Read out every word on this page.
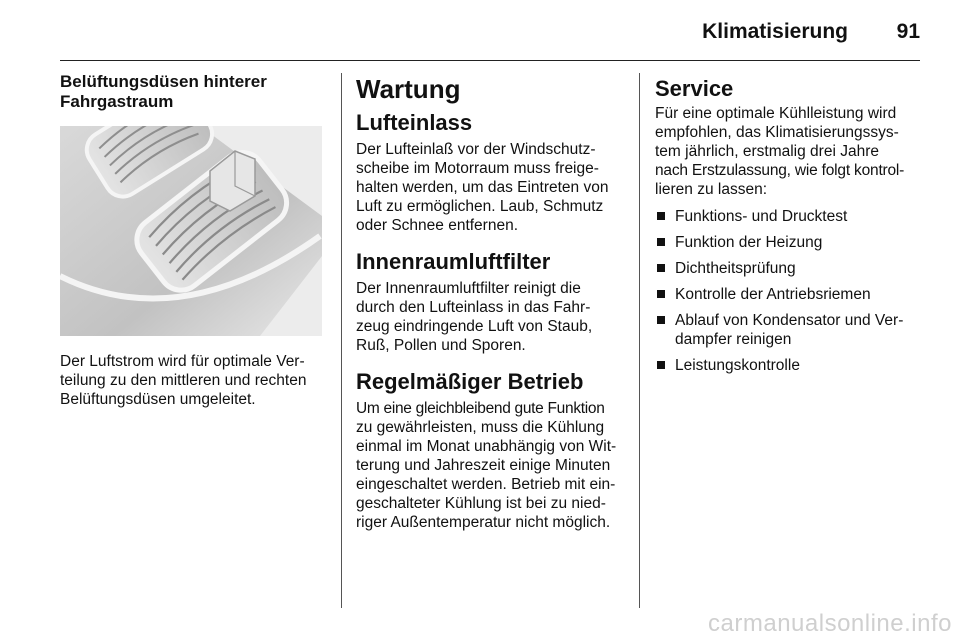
Klimatisierung 91

Belüftungsdüsen hinterer Fahrgastraum

Der Luftstrom wird für optimale Ver-

teilung zu den mittleren und rechten

Belüftungsdüsen umgeleitet.

Wartung

Lufteinlass

Der Lufteinlaß vor der Windschutz-

scheibe im Motorraum muss freige-

halten werden, um das Eintreten von

Luft zu ermöglichen. Laub, Schmutz

oder Schnee entfernen.

Innenraumluftfilter

Der Innenraumluftfilter reinigt die

durch den Lufteinlass in das Fahr-

zeug eindringende Luft von Staub,

Ruß, Pollen und Sporen.

Regelmäßiger Betrieb

Um eine gleichbleibend gute Funktion

zu gewährleisten, muss die Kühlung

einmal im Monat unabhängig von Wit-

terung und Jahreszeit einige Minuten

eingeschaltet werden. Betrieb mit ein-

geschalteter Kühlung ist bei zu nied-

riger Außentemperatur nicht möglich.

Service

Für eine optimale Kühlleistung wird

empfohlen, das Klimatisierungssys-

tem jährlich, erstmalig drei Jahre

nach Erstzulassung, wie folgt kontrol-

lieren zu lassen:

Funktions- und Drucktest
Funktion der Heizung
Dichtheitsprüfung
Kontrolle der Antriebsriemen
Ablauf von Kondensator und Ver-
dampfer reinigen
Leistungskontrolle
carmanualsonline.info
